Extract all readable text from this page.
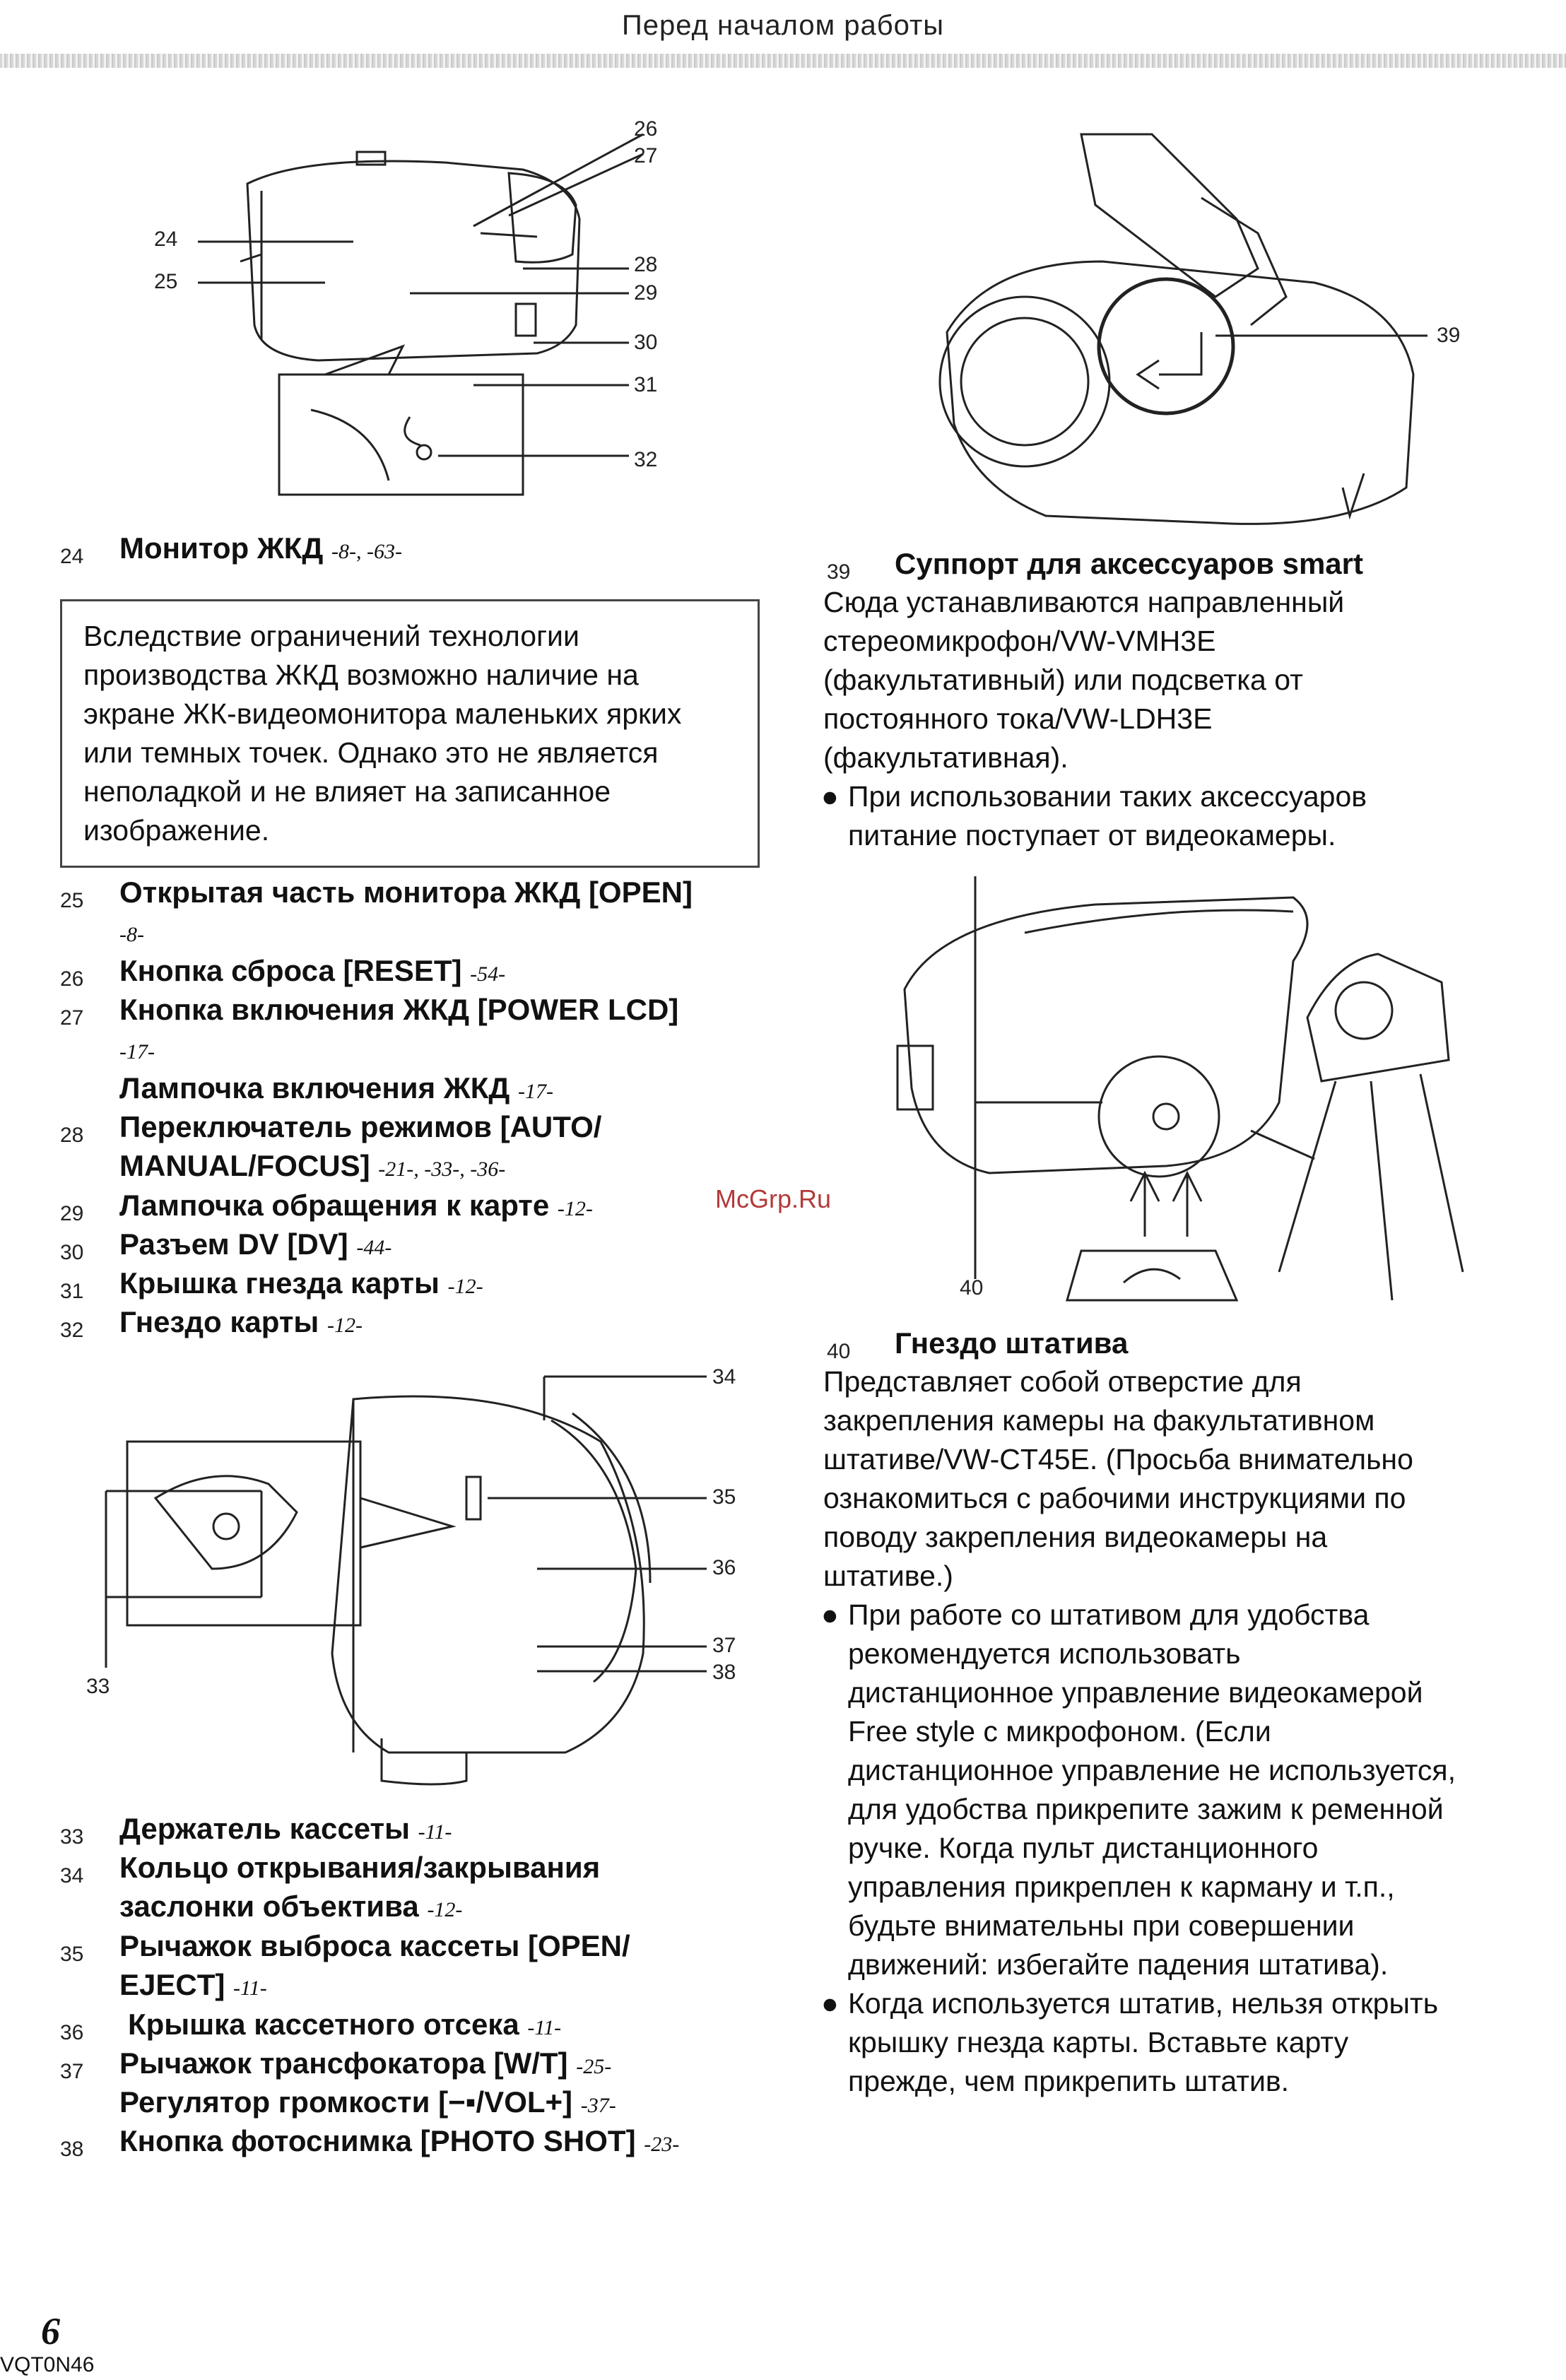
Перед началом работы
24
25
26
27
28
29
30
31
32
24 Монитор ЖКД -8-, -63-
Вследствие ограничений технологии производства ЖКД возможно наличие на экране ЖК-видеомонитора маленьких ярких или темных точек. Однако это не является неполадкой и не влияет на записанное изображение.
25 Открытая часть монитора ЖКД [OPEN]
-8-
26 Кнопка сброса [RESET] -54-
27 Кнопка включения ЖКД [POWER LCD]
-17-
Лампочка включения ЖКД -17-
28 Переключатель режимов [AUTO/
MANUAL/FOCUS] -21-, -33-, -36-
29 Лампочка обращения к карте -12-
30 Разъем DV [DV] -44-
31 Крышка гнезда карты -12-
32 Гнездо карты -12-
34
35
36
37
38
33
33 Держатель кассеты -11-
34 Кольцо открывания/закрывания
заслонки объектива -12-
35 Рычажок выброса кассеты [OPEN/
EJECT] -11-
36 Крышка кассетного отсека -11-
37 Рычажок трансфокатора [W/T] -25-
Регулятор громкости [−▪/VOL+] -37-
38 Кнопка фотоснимка [PHOTO SHOT] -23-
39
39 Суппорт для аксессуаров smart
Сюда устанавливаются направленный
стереомикрофон/VW-VMH3E
(факультативный) или подсветка от
постоянного тока/VW-LDH3E
(факультативная).
● При использовании таких аксессуаров
питание поступает от видеокамеры.
40
40 Гнездо штатива
Представляет собой отверстие для
закрепления камеры на факультативном
штативе/VW-CT45E. (Просьба внимательно
ознакомиться с рабочими инструкциями по
поводу закрепления видеокамеры на
штативе.)
● При работе со штативом для удобства
рекомендуется использовать
дистанционное управление видеокамерой
Free style с микрофоном. (Если
дистанционное управление не используется,
для удобства прикрепите зажим к ременной
ручке. Когда пульт дистанционного
управления прикреплен к карману и т.п.,
будьте внимательны при совершении
движений: избегайте падения штатива).
● Когда используется штатив, нельзя открыть
крышку гнезда карты. Вставьте карту
прежде, чем прикрепить штатив.
McGrp.Ru
6
VQT0N46
